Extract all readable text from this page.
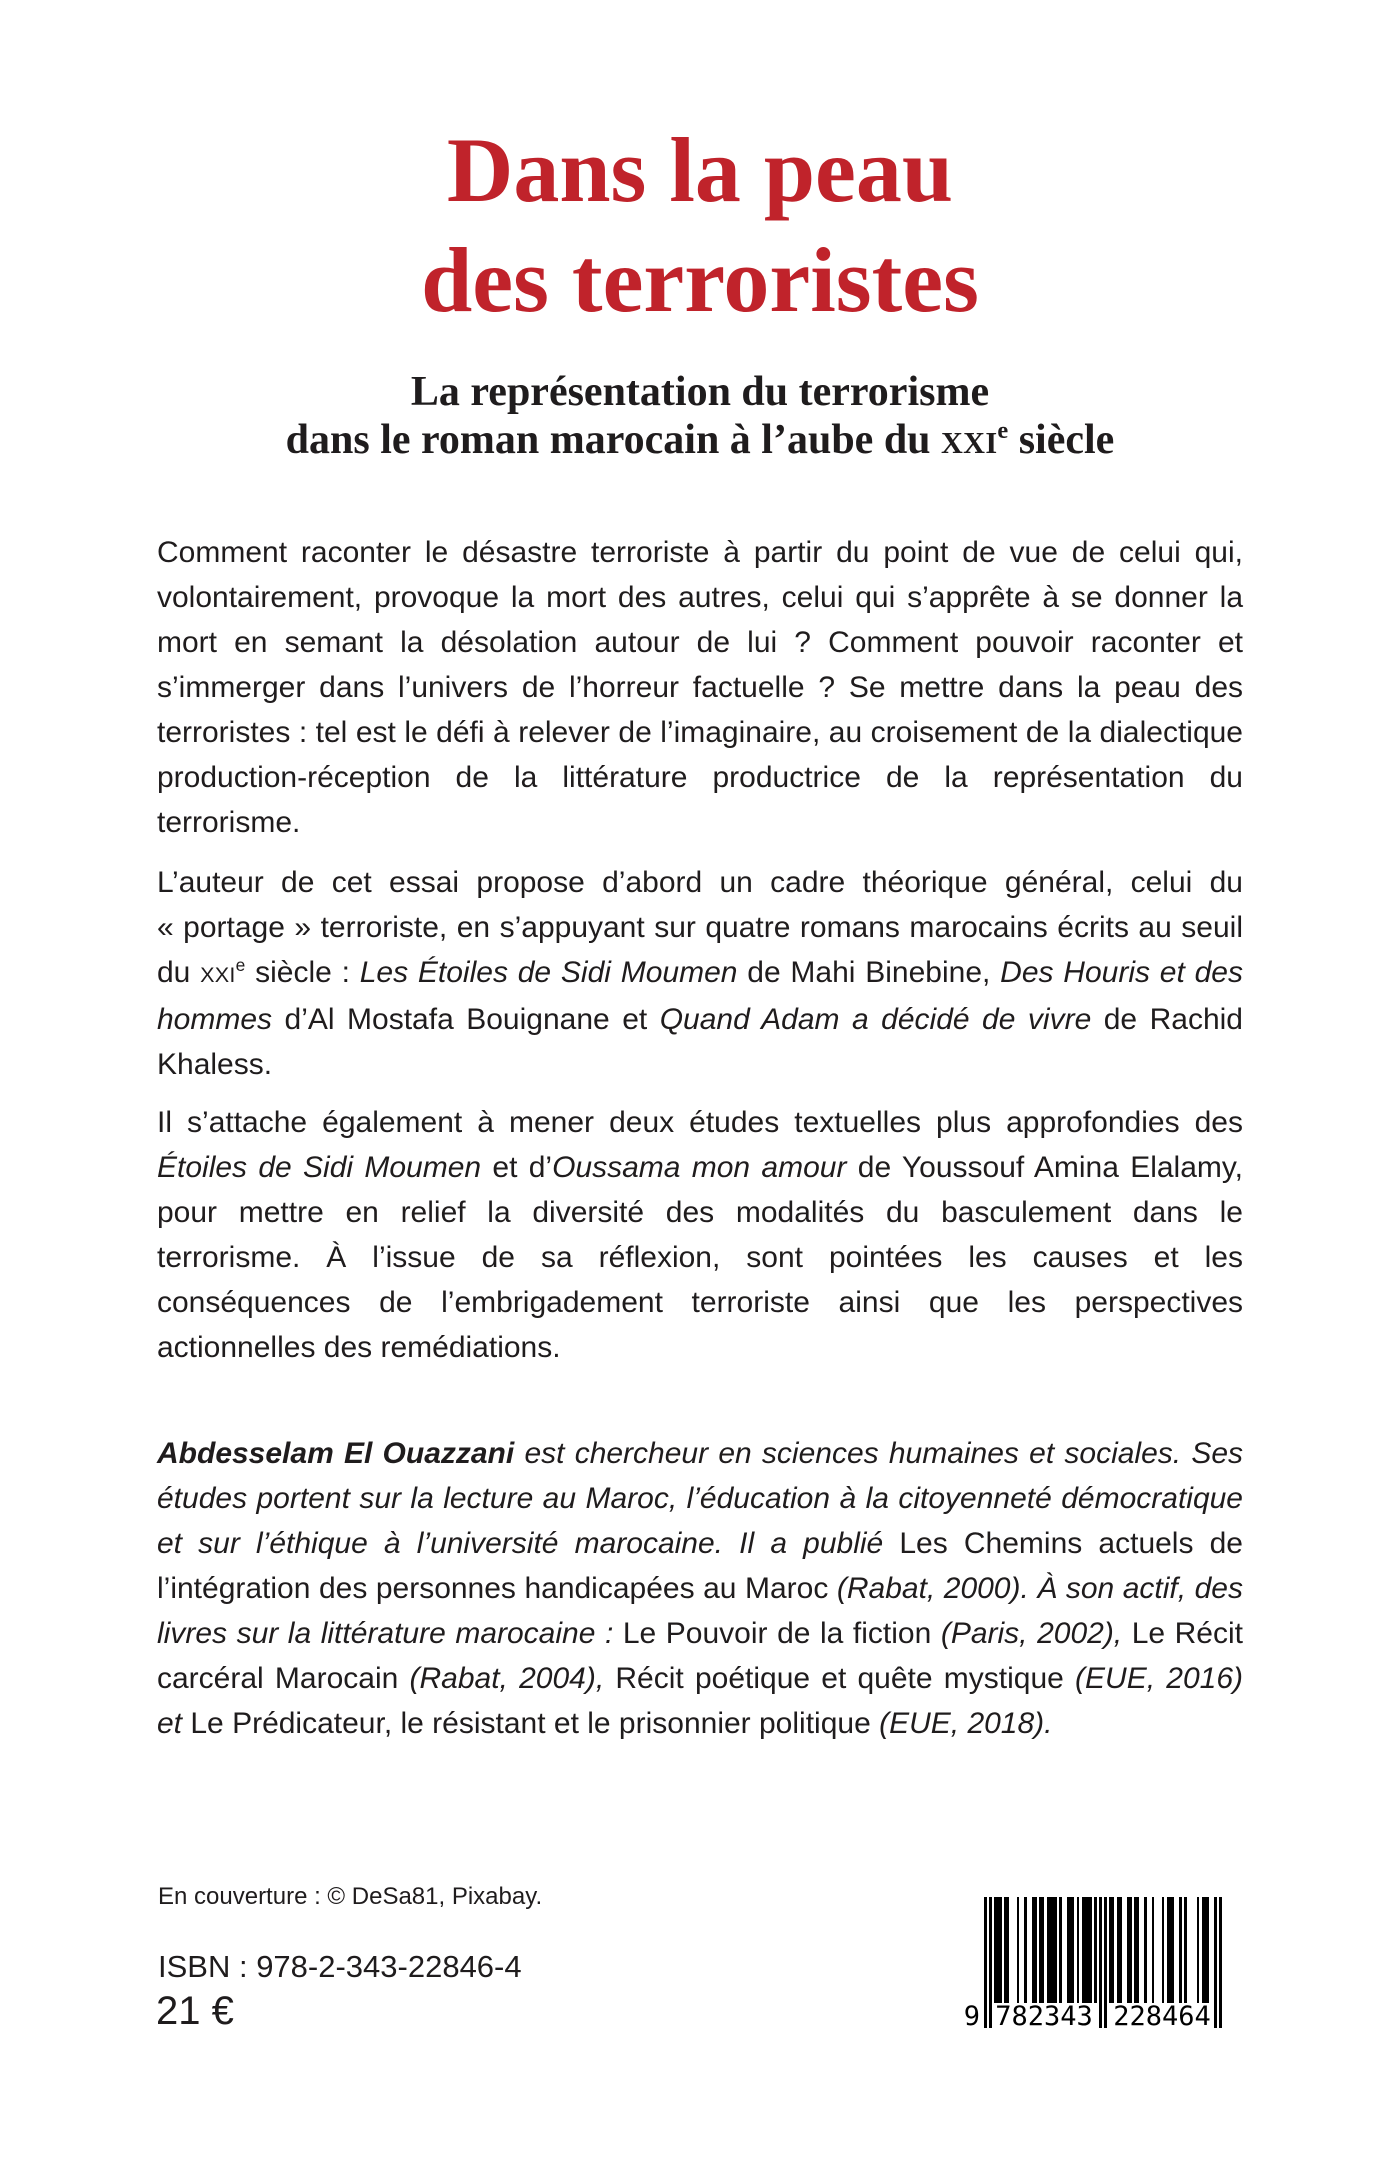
Dans la peau
des terroristes
La représentation du terrorisme
dans le roman marocain à l’aube du XXIe siècle

Comment raconter le désastre terroriste à partir du point de vue de celui qui, volontairement, provoque la mort des autres, celui qui s’apprête à se donner la mort en semant la désolation autour de lui ? Comment pouvoir raconter et s’immerger dans l’univers de l’horreur factuelle ? Se mettre dans la peau des terroristes : tel est le défi à relever de l’imaginaire, au croisement de la dialectique production-réception de la littérature productrice de la représentation du terrorisme.

L’auteur de cet essai propose d’abord un cadre théorique général, celui du « portage » terroriste, en s’appuyant sur quatre romans marocains écrits au seuil du XXIe siècle : Les Étoiles de Sidi Moumen de Mahi Binebine, Des Houris et des hommes d’Al Mostafa Bouignane et Quand Adam a décidé de vivre de Rachid Khaless.

Il s’attache également à mener deux études textuelles plus approfondies des Étoiles de Sidi Moumen et d’Oussama mon amour de Youssouf Amina Elalamy, pour mettre en relief la diversité des modalités du basculement dans le terrorisme. À l’issue de sa réflexion, sont pointées les causes et les conséquences de l’embrigadement terroriste ainsi que les perspectives actionnelles des remédiations.

Abdesselam El Ouazzani est chercheur en sciences humaines et sociales. Ses études portent sur la lecture au Maroc, l’éducation à la citoyenneté démocratique et sur l’éthique à l’université marocaine. Il a publié Les Chemins actuels de l’intégration des personnes handicapées au Maroc (Rabat, 2000). À son actif, des livres sur la littérature marocaine : Le Pouvoir de la fiction (Paris, 2002), Le Récit carcéral Marocain (Rabat, 2004), Récit poétique et quête mystique (EUE, 2016) et Le Prédicateur, le résistant et le prisonnier politique (EUE, 2018).

En couverture : © DeSa81, Pixabay.
ISBN : 978-2-343-22846-4
21 €	9 782343 228464
